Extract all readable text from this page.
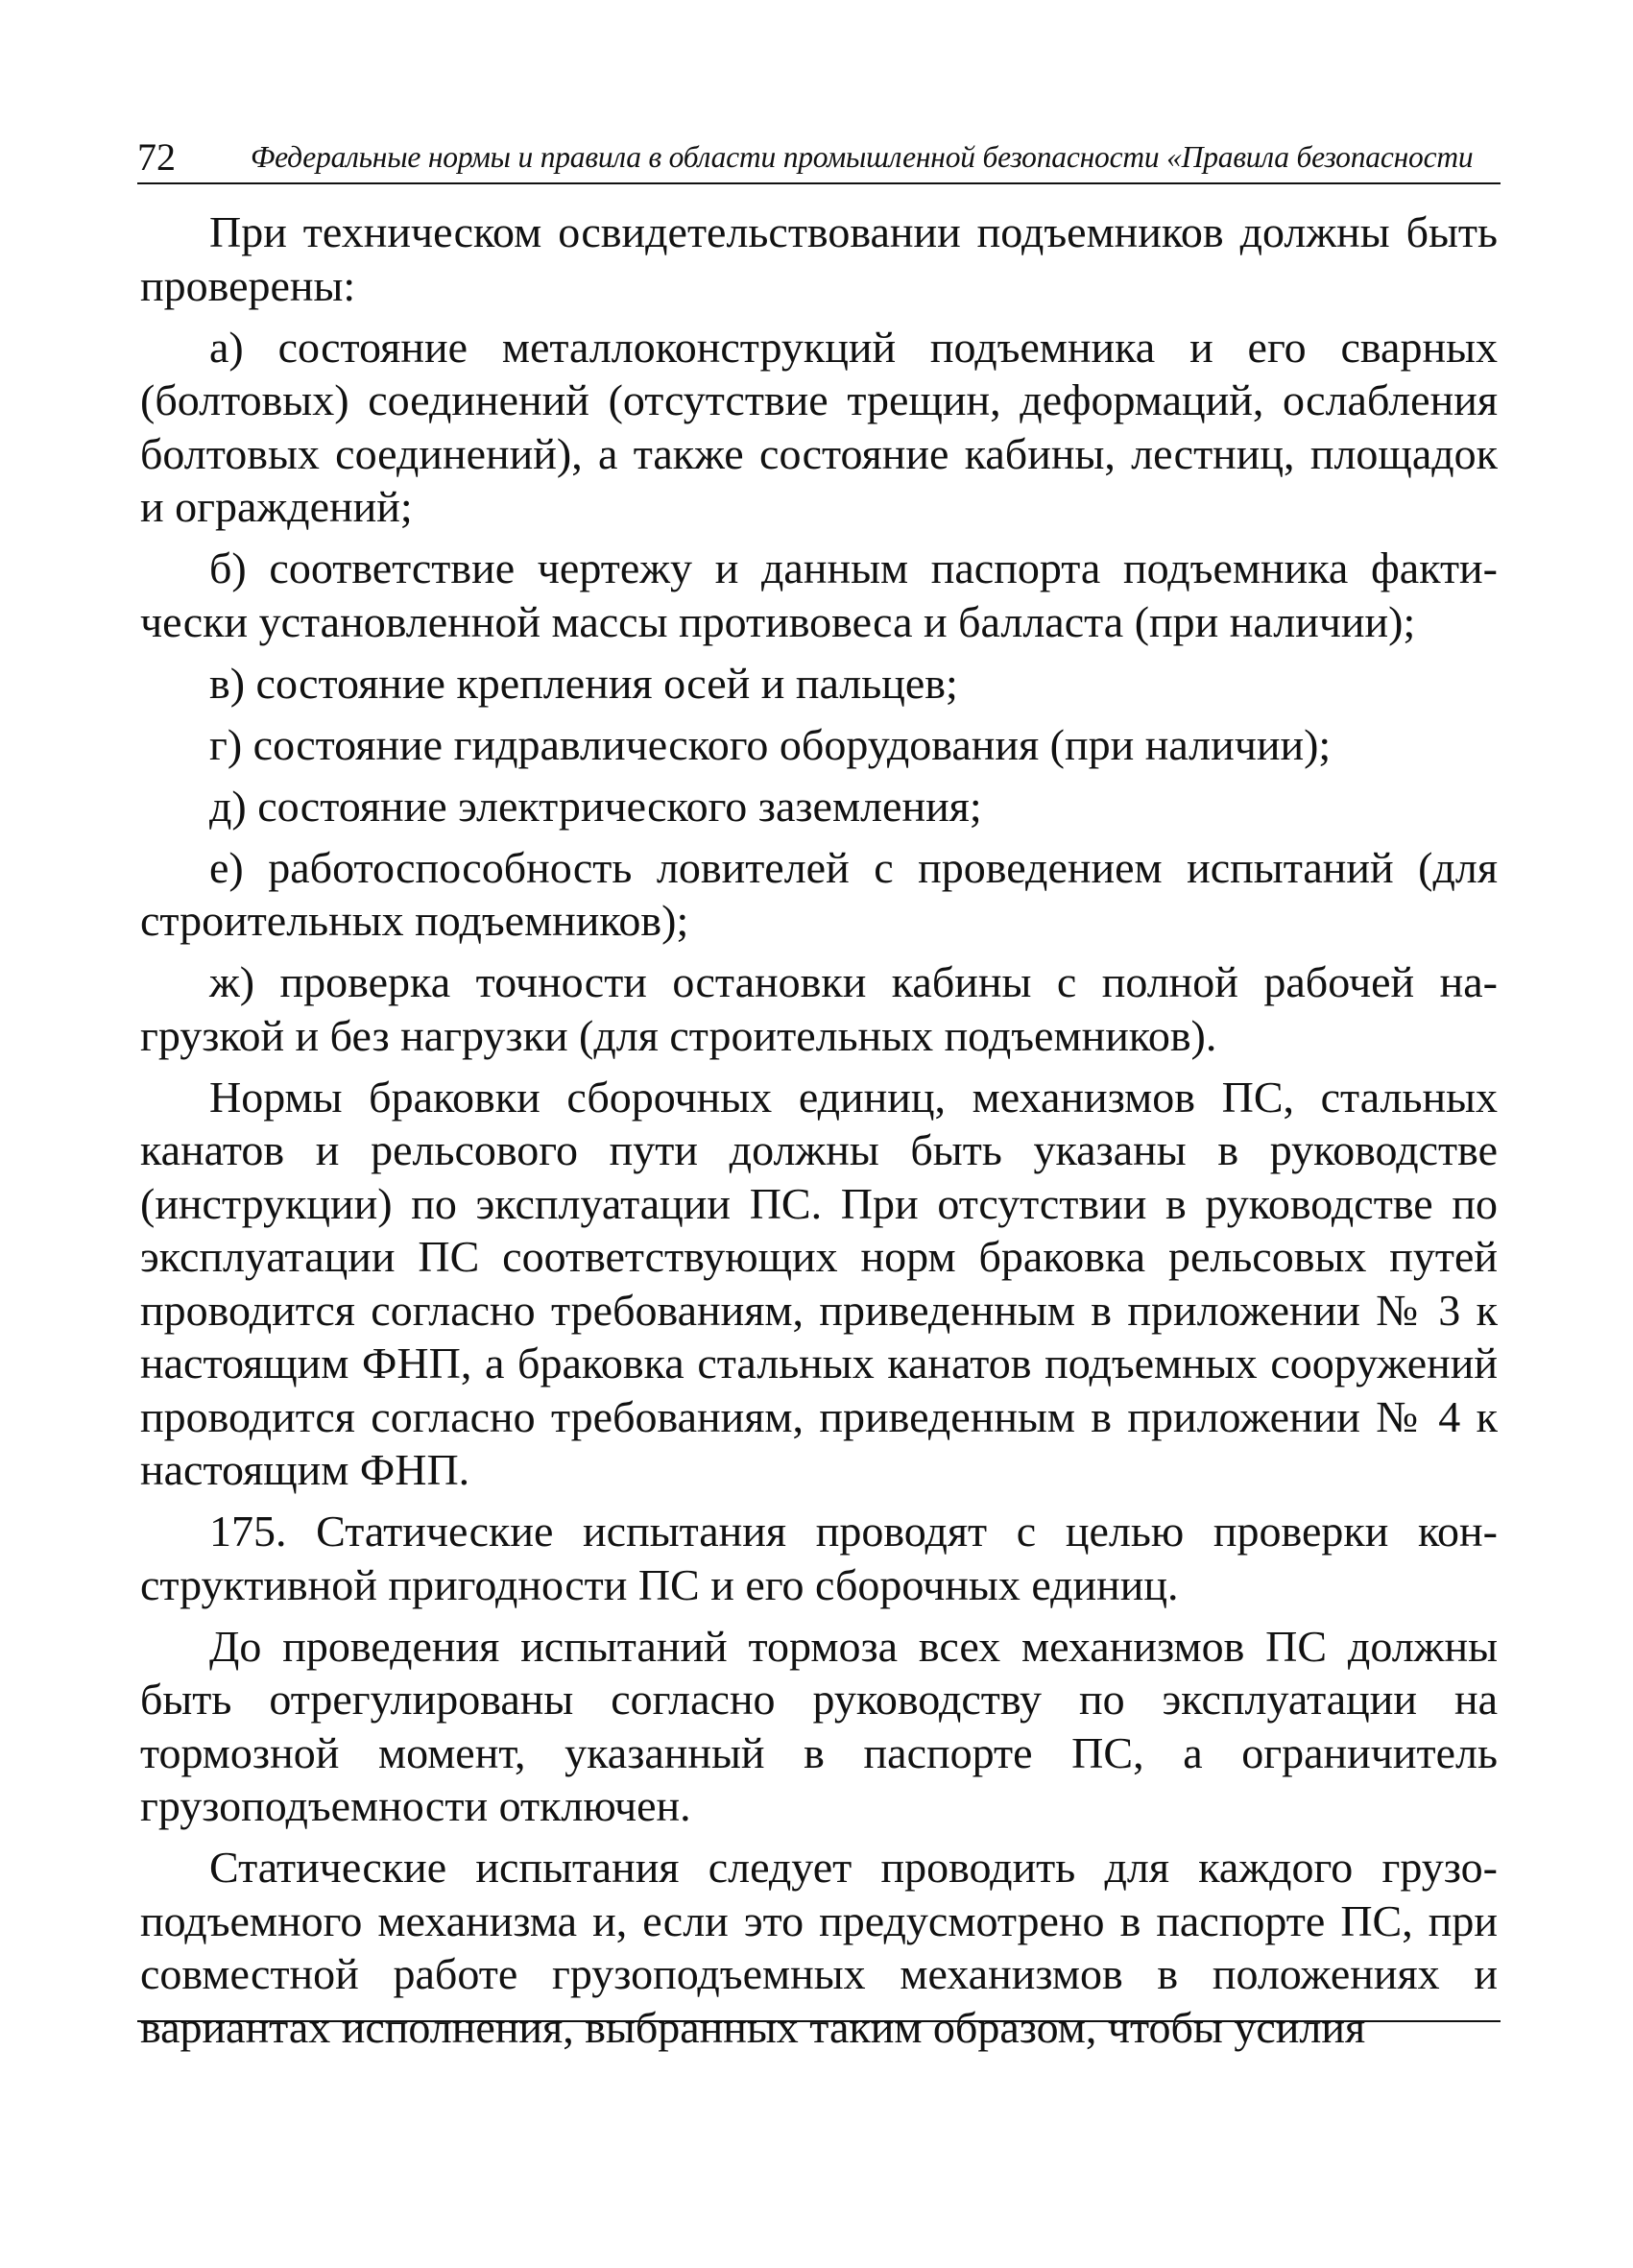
72 Федеральные нормы и правила в области промышленной безопасности «Правила безопасности

При техническом освидетельствовании подъемников должны быть проверены:

а) состояние металлоконструкций подъемника и его сварных (болтовых) соединений (отсутствие трещин, деформаций, ослабления болтовых соединений), а также состояние кабины, лестниц, площадок и ограждений;

б) соответствие чертежу и данным паспорта подъемника фактически установленной массы противовеса и балласта (при наличии);

в) состояние крепления осей и пальцев;

г) состояние гидравлического оборудования (при наличии);

д) состояние электрического заземления;

е) работоспособность ловителей с проведением испытаний (для строительных подъемников);

ж) проверка точности остановки кабины с полной рабочей нагрузкой и без нагрузки (для строительных подъемников).

Нормы браковки сборочных единиц, механизмов ПС, стальных канатов и рельсового пути должны быть указаны в руководстве (инструкции) по эксплуатации ПС. При отсутствии в руководстве по эксплуатации ПС соответствующих норм браковка рельсовых путей проводится согласно требованиям, приведенным в приложении № 3 к настоящим ФНП, а браковка стальных канатов подъемных сооружений проводится согласно требованиям, приведенным в приложении № 4 к настоящим ФНП.

175. Статические испытания проводят с целью проверки конструктивной пригодности ПС и его сборочных единиц.

До проведения испытаний тормоза всех механизмов ПС должны быть отрегулированы согласно руководству по эксплуатации на тормозной момент, указанный в паспорте ПС, а ограничитель грузоподъемности отключен.

Статические испытания следует проводить для каждого грузоподъемного механизма и, если это предусмотрено в паспорте ПС, при совместной работе грузоподъемных механизмов в положениях и вариантах исполнения, выбранных таким образом, чтобы усилия
